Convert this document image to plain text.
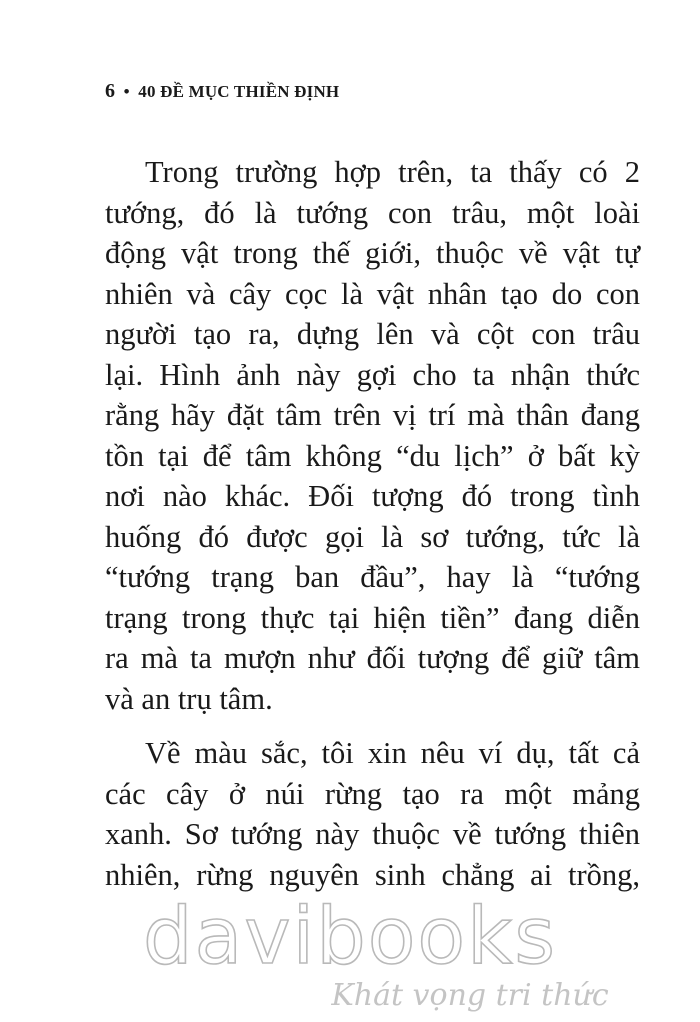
6 • 40 ĐỀ MỤC THIỀN ĐỊNH

Trong trường hợp trên, ta thấy có 2
tướng, đó là tướng con trâu, một loài
động vật trong thế giới, thuộc về vật tự
nhiên và cây cọc là vật nhân tạo do con
người tạo ra, dựng lên và cột con trâu
lại. Hình ảnh này gợi cho ta nhận thức
rằng hãy đặt tâm trên vị trí mà thân đang
tồn tại để tâm không “du lịch” ở bất kỳ
nơi nào khác. Đối tượng đó trong tình
huống đó được gọi là sơ tướng, tức là
“tướng trạng ban đầu”, hay là “tướng
trạng trong thực tại hiện tiền” đang diễn
ra mà ta mượn như đối tượng để giữ tâm
và an trụ tâm.

Về màu sắc, tôi xin nêu ví dụ, tất cả
các cây ở núi rừng tạo ra một mảng
xanh. Sơ tướng này thuộc về tướng thiên
nhiên, rừng nguyên sinh chẳng ai trồng,

davibooks
Khát vọng tri thức
